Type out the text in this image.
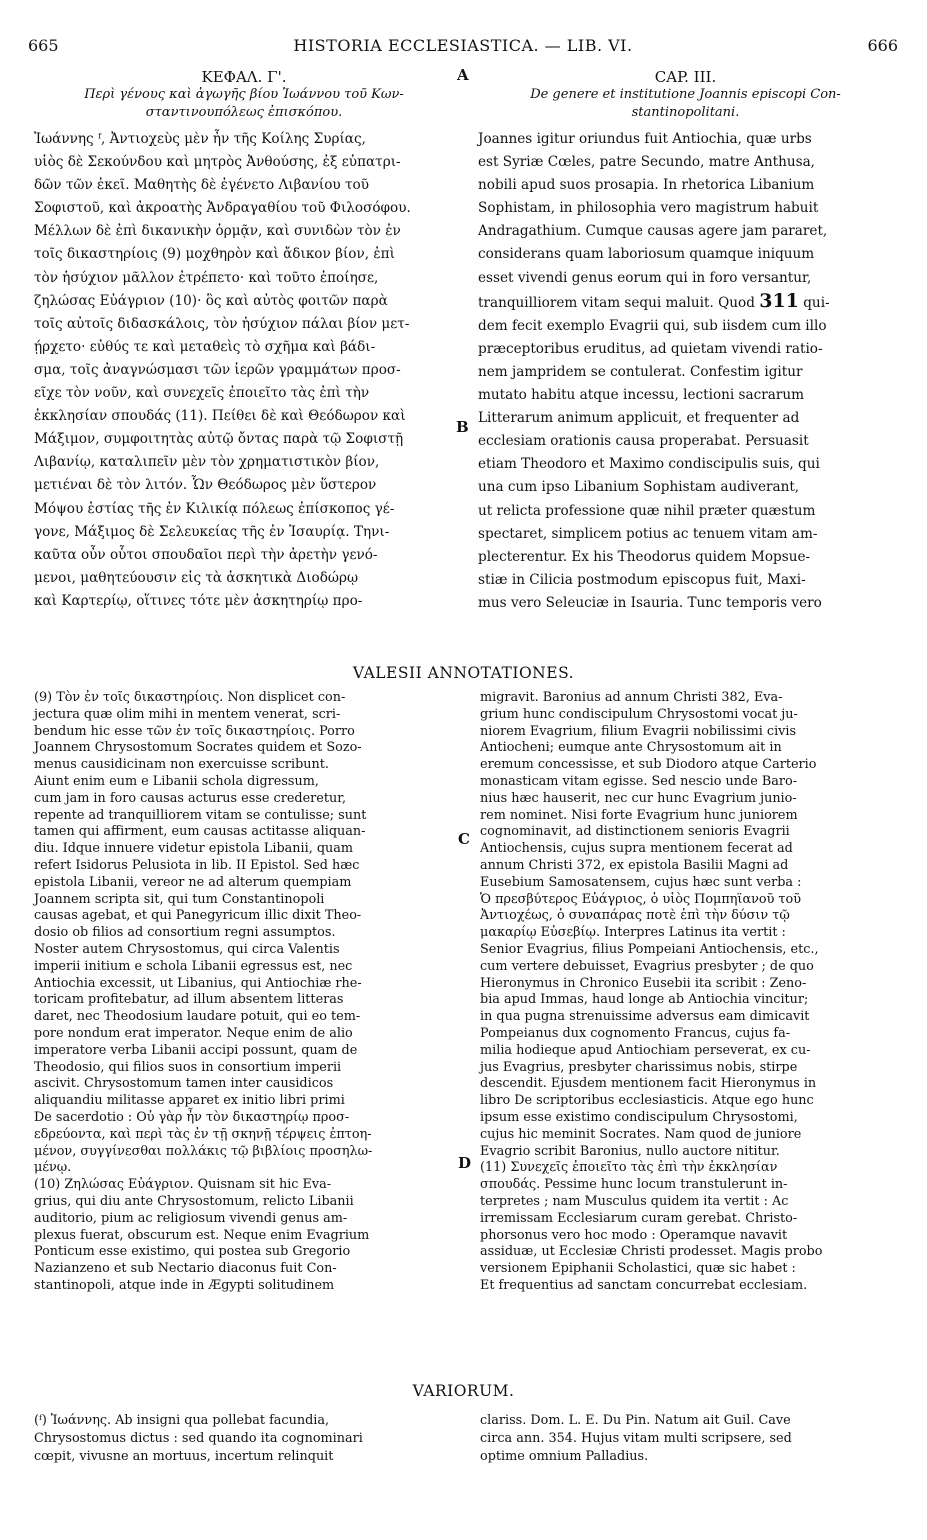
665	HISTORIA ECCLESIASTICA. — LIB. VI.	666
A
B
C
D
ΚΕΦΑΛ. Γ'.
Περὶ γένους καὶ ἀγωγῆς βίου Ἰωάννου τοῦ Κων-
σταντινουπόλεως ἐπισκόπου.
Ἰωάννης ᶠ, Ἀντιοχεὺς μὲν ἦν τῆς Κοίλης Συρίας,
υἱὸς δὲ Σεκούνδου καὶ μητρὸς Ἀνθούσης, ἐξ εὐπατρι-
δῶν τῶν ἐκεῖ. Μαθητὴς δὲ ἐγένετο Λιβανίου τοῦ
Σοφιστοῦ, καὶ ἀκροατὴς Ἀνδραγαθίου τοῦ Φιλοσόφου.
Μέλλων δὲ ἐπὶ δικανικὴν ὁρμᾷν, καὶ συνιδὼν τὸν ἐν
τοῖς δικαστηρίοις (9) μοχθηρὸν καὶ ἄδικον βίον, ἐπὶ
τὸν ἡσύχιον μᾶλλον ἐτρέπετο· καὶ τοῦτο ἐποίησε,
ζηλώσας Εὐάγριον (10)· ὃς καὶ αὐτὸς φοιτῶν παρὰ
τοῖς αὐτοῖς διδασκάλοις, τὸν ἡσύχιον πάλαι βίον μετ-
ῄρχετο· εὐθύς τε καὶ μεταθεὶς τὸ σχῆμα καὶ βάδι-
σμα, τοῖς ἀναγνώσμασι τῶν ἱερῶν γραμμάτων προσ-
εῖχε τὸν νοῦν, καὶ συνεχεῖς ἐποιεῖτο τὰς ἐπὶ τὴν
ἐκκλησίαν σπουδάς (11). Πείθει δὲ καὶ Θεόδωρον καὶ
Μάξιμον, συμφοιτητὰς αὐτῷ ὄντας παρὰ τῷ Σοφιστῇ
Λιβανίῳ, καταλιπεῖν μὲν τὸν χρηματιστικὸν βίον,
μετιέναι δὲ τὸν λιτόν. Ὧν Θεόδωρος μὲν ὕστερον
Μόψου ἑστίας τῆς ἐν Κιλικίᾳ πόλεως ἐπίσκοπος γέ-
γονε, Μάξιμος δὲ Σελευκείας τῆς ἐν Ἰσαυρίᾳ. Τηνι-
καῦτα οὖν οὗτοι σπουδαῖοι περὶ τὴν ἀρετὴν γενό-
μενοι, μαθητεύουσιν εἰς τὰ ἀσκητικὰ Διοδώρῳ
καὶ Καρτερίῳ, οἵτινες τότε μὲν ἀσκητηρίῳ προ-
CAP. III.
De genere et institutione Joannis episcopi Con-
stantinopolitani.
Joannes igitur oriundus fuit Antiochia, quæ urbs
est Syriæ Cœles, patre Secundo, matre Anthusa,
nobili apud suos prosapia. In rhetorica Libanium
Sophistam, in philosophia vero magistrum habuit
Andragathium. Cumque causas agere jam pararet,
considerans quam laboriosum quamque iniquum
esset vivendi genus eorum qui in foro versantur,
tranquilliorem vitam sequi maluit. Quod 311 qui-
dem fecit exemplo Evagrii qui, sub iisdem cum illo
præceptoribus eruditus, ad quietam vivendi ratio-
nem jampridem se contulerat. Confestim igitur
mutato habitu atque incessu, lectioni sacrarum
Litterarum animum applicuit, et frequenter ad
ecclesiam orationis causa properabat. Persuasit
etiam Theodoro et Maximo condiscipulis suis, qui
una cum ipso Libanium Sophistam audiverant,
ut relicta professione quæ nihil præter quæstum
spectaret, simplicem potius ac tenuem vitam am-
plecterentur. Ex his Theodorus quidem Mopsue-
stiæ in Cilicia postmodum episcopus fuit, Maxi-
mus vero Seleuciæ in Isauria. Tunc temporis vero
VALESII ANNOTATIONES.
(9) Τὸν ἐν τοῖς δικαστηρίοις. Non displicet con-
jectura quæ olim mihi in mentem venerat, scri-
bendum hic esse τῶν ἐν τοῖς δικαστηρίοις. Porro
Joannem Chrysostomum Socrates quidem et Sozo-
menus causidicinam non exercuisse scribunt.
Aiunt enim eum e Libanii schola digressum,
cum jam in foro causas acturus esse crederetur,
repente ad tranquilliorem vitam se contulisse; sunt
tamen qui affirment, eum causas actitasse aliquan-
diu. Idque innuere videtur epistola Libanii, quam
refert Isidorus Pelusiota in lib. II Epistol. Sed hæc
epistola Libanii, vereor ne ad alterum quempiam
Joannem scripta sit, qui tum Constantinopoli
causas agebat, et qui Panegyricum illic dixit Theo-
dosio ob filios ad consortium regni assumptos.
Noster autem Chrysostomus, qui circa Valentis
imperii initium e schola Libanii egressus est, nec
Antiochia excessit, ut Libanius, qui Antiochiæ rhe-
toricam profitebatur, ad illum absentem litteras
daret, nec Theodosium laudare potuit, qui eo tem-
pore nondum erat imperator. Neque enim de alio
imperatore verba Libanii accipi possunt, quam de
Theodosio, qui filios suos in consortium imperii
ascivit. Chrysostomum tamen inter causidicos
aliquandiu militasse apparet ex initio libri primi
De sacerdotio : Οὐ γὰρ ἦν τὸν δικαστηρίῳ προσ-
εδρεύοντα, καὶ περὶ τὰς ἐν τῇ σκηνῇ τέρψεις ἐπτοη-
μένον, συγγίνεσθαι πολλάκις τῷ βιβλίοις προσηλω-
μένῳ.
(10) Ζηλώσας Εὐάγριον. Quisnam sit hic Eva-
grius, qui diu ante Chrysostomum, relicto Libanii
auditorio, pium ac religiosum vivendi genus am-
plexus fuerat, obscurum est. Neque enim Evagrium
Ponticum esse existimo, qui postea sub Gregorio
Nazianzeno et sub Nectario diaconus fuit Con-
stantinopoli, atque inde in Ægypti solitudinem
migravit. Baronius ad annum Christi 382, Eva-
grium hunc condiscipulum Chrysostomi vocat ju-
niorem Evagrium, filium Evagrii nobilissimi civis
Antiocheni; eumque ante Chrysostomum ait in
eremum concessisse, et sub Diodoro atque Carterio
monasticam vitam egisse. Sed nescio unde Baro-
nius hæc hauserit, nec cur hunc Evagrium junio-
rem nominet. Nisi forte Evagrium hunc juniorem
cognominavit, ad distinctionem senioris Evagrii
Antiochensis, cujus supra mentionem fecerat ad
annum Christi 372, ex epistola Basilii Magni ad
Eusebium Samosatensem, cujus hæc sunt verba :
Ὁ πρεσβύτερος Εὐάγριος, ὁ υἱὸς Πομπηϊανοῦ τοῦ
Ἀντιοχέως, ὁ συναπάρας ποτὲ ἐπὶ τὴν δύσιν τῷ
μακαρίῳ Εὐσεβίῳ. Interpres Latinus ita vertit :
Senior Evagrius, filius Pompeiani Antiochensis, etc.,
cum vertere debuisset, Evagrius presbyter ; de quo
Hieronymus in Chronico Eusebii ita scribit : Zeno-
bia apud Immas, haud longe ab Antiochia vincitur;
in qua pugna strenuissime adversus eam dimicavit
Pompeianus dux cognomento Francus, cujus fa-
milia hodieque apud Antiochiam perseverat, ex cu-
jus Evagrius, presbyter charissimus nobis, stirpe
descendit. Ejusdem mentionem facit Hieronymus in
libro De scriptoribus ecclesiasticis. Atque ego hunc
ipsum esse existimo condiscipulum Chrysostomi,
cujus hic meminit Socrates. Nam quod de juniore
Evagrio scribit Baronius, nullo auctore nititur.
(11) Συνεχεῖς ἐποιεῖτο τὰς ἐπὶ τὴν ἐκκλησίαν
σπουδάς. Pessime hunc locum transtulerunt in-
terpretes ; nam Musculus quidem ita vertit : Ac
irremissam Ecclesiarum curam gerebat. Christo-
phorsonus vero hoc modo : Operamque navavit
assiduæ, ut Ecclesiæ Christi prodesset. Magis probo
versionem Epiphanii Scholastici, quæ sic habet :
Et frequentius ad sanctam concurrebat ecclesiam.
VARIORUM.
(ᶠ) Ἰωάννης. Ab insigni qua pollebat facundia,
Chrysostomus dictus : sed quando ita cognominari
cœpit, vivusne an mortuus, incertum relinquit
clariss. Dom. L. E. Du Pin. Natum ait Guil. Cave
circa ann. 354. Hujus vitam multi scripsere, sed
optime omnium Palladius.
